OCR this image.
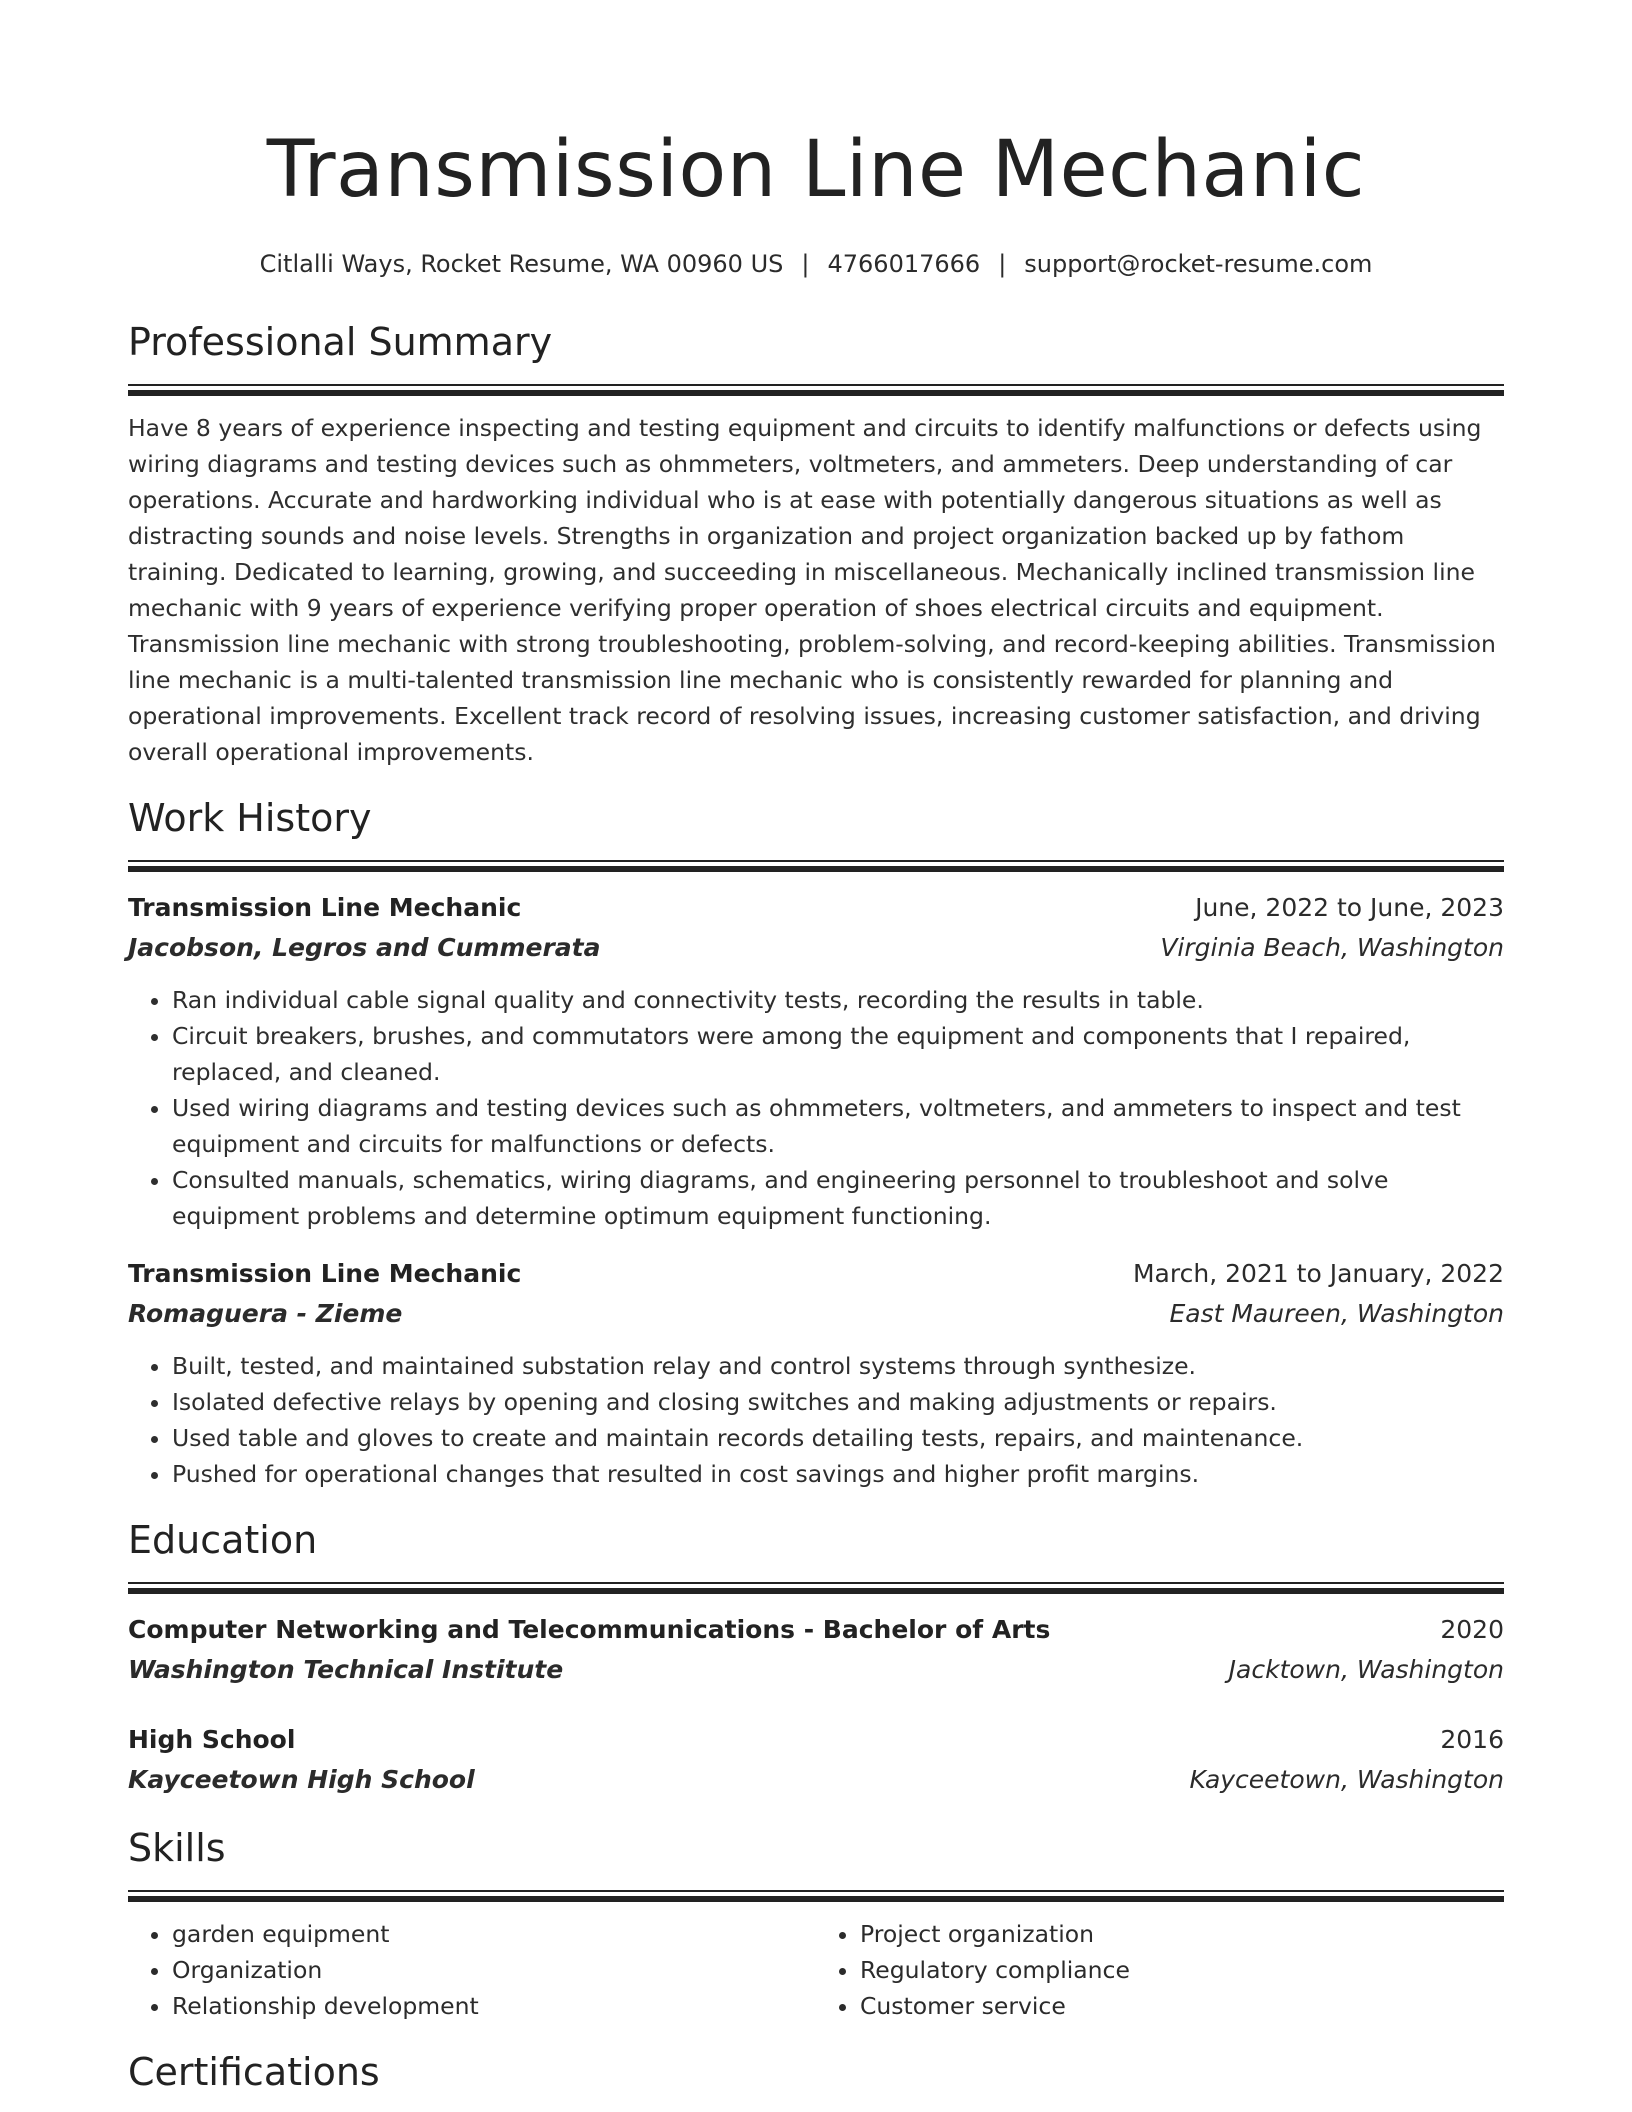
Transmission Line Mechanic
Citlalli Ways, Rocket Resume, WA 00960 US | 4766017666 | support@rocket-resume.com
Professional Summary
Have 8 years of experience inspecting and testing equipment and circuits to identify malfunctions or defects using wiring diagrams and testing devices such as ohmmeters, voltmeters, and ammeters. Deep understanding of car operations. Accurate and hardworking individual who is at ease with potentially dangerous situations as well as distracting sounds and noise levels. Strengths in organization and project organization backed up by fathom training. Dedicated to learning, growing, and succeeding in miscellaneous. Mechanically inclined transmission line mechanic with 9 years of experience verifying proper operation of shoes electrical circuits and equipment. Transmission line mechanic with strong troubleshooting, problem-solving, and record-keeping abilities. Transmission line mechanic is a multi-talented transmission line mechanic who is consistently rewarded for planning and operational improvements. Excellent track record of resolving issues, increasing customer satisfaction, and driving overall operational improvements.
Work History
Transmission Line Mechanic	June, 2022 to June, 2023
Jacobson, Legros and Cummerata	Virginia Beach, Washington
• Ran individual cable signal quality and connectivity tests, recording the results in table.
• Circuit breakers, brushes, and commutators were among the equipment and components that I repaired, replaced, and cleaned.
• Used wiring diagrams and testing devices such as ohmmeters, voltmeters, and ammeters to inspect and test equipment and circuits for malfunctions or defects.
• Consulted manuals, schematics, wiring diagrams, and engineering personnel to troubleshoot and solve equipment problems and determine optimum equipment functioning.
Transmission Line Mechanic	March, 2021 to January, 2022
Romaguera - Zieme	East Maureen, Washington
• Built, tested, and maintained substation relay and control systems through synthesize.
• Isolated defective relays by opening and closing switches and making adjustments or repairs.
• Used table and gloves to create and maintain records detailing tests, repairs, and maintenance.
• Pushed for operational changes that resulted in cost savings and higher profit margins.
Education
Computer Networking and Telecommunications - Bachelor of Arts	2020
Washington Technical Institute	Jacktown, Washington
High School	2016
Kayceetown High School	Kayceetown, Washington
Skills
• garden equipment
• Organization
• Relationship development
• Project organization
• Regulatory compliance
• Customer service
Certifications
